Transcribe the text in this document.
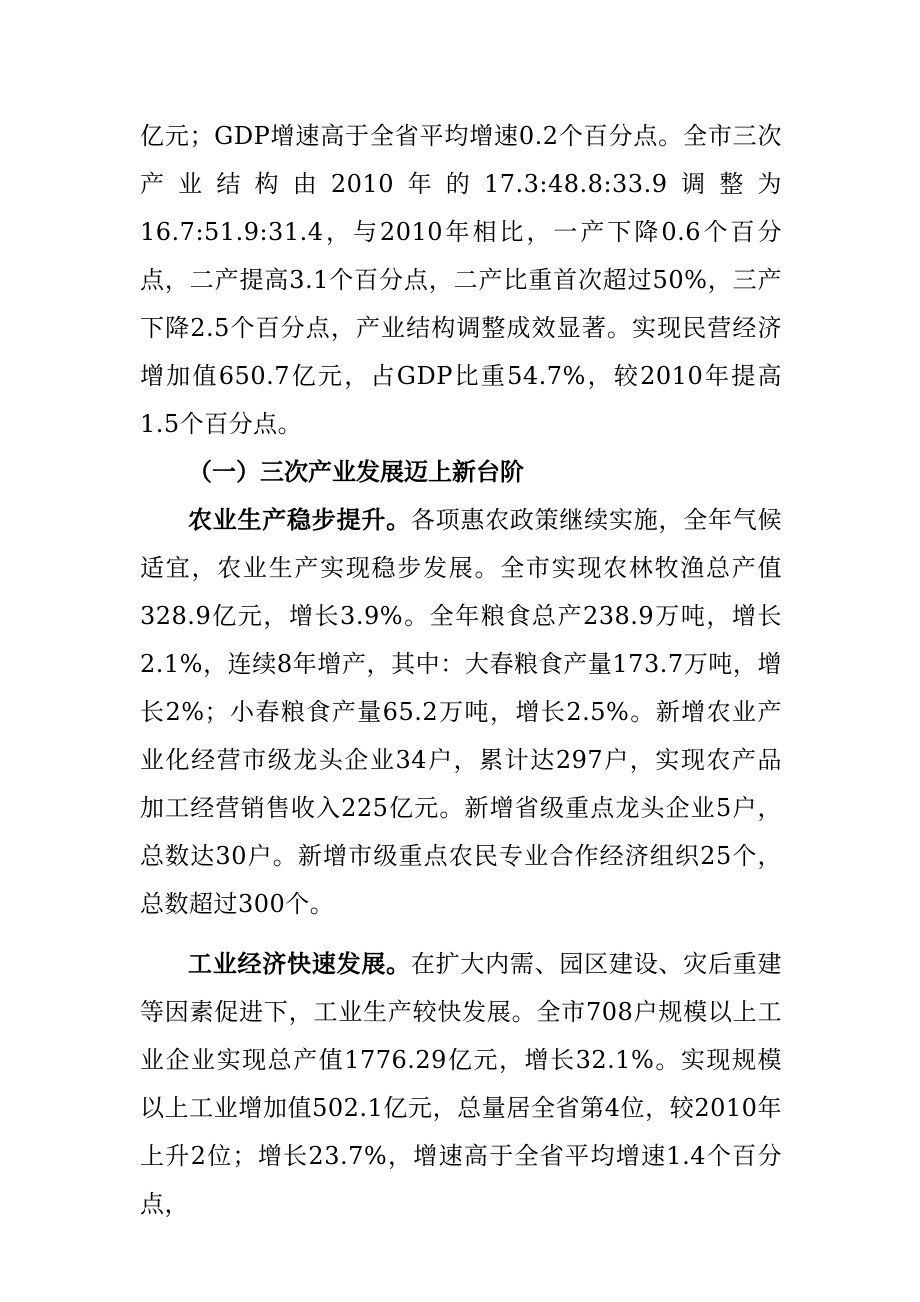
亿元；GDP增速高于全省平均增速0.2个百分点。全市三次产业结构由2010年的17.3:48.8:33.9调整为16.7:51.9:31.4，与2010年相比，一产下降0.6个百分点，二产提高3.1个百分点，二产比重首次超过50%，三产下降2.5个百分点，产业结构调整成效显著。实现民营经济增加值650.7亿元，占GDP比重54.7%，较2010年提高1.5个百分点。

（一）三次产业发展迈上新台阶

农业生产稳步提升。各项惠农政策继续实施，全年气候适宜，农业生产实现稳步发展。全市实现农林牧渔总产值328.9亿元，增长3.9%。全年粮食总产238.9万吨，增长2.1%，连续8年增产，其中：大春粮食产量173.7万吨，增长2%；小春粮食产量65.2万吨，增长2.5%。新增农业产业化经营市级龙头企业34户，累计达297户，实现农产品加工经营销售收入225亿元。新增省级重点龙头企业5户，总数达30户。新增市级重点农民专业合作经济组织25个，总数超过300个。

工业经济快速发展。在扩大内需、园区建设、灾后重建等因素促进下，工业生产较快发展。全市708户规模以上工业企业实现总产值1776.29亿元，增长32.1%。实现规模以上工业增加值502.1亿元，总量居全省第4位，较2010年上升2位；增长23.7%，增速高于全省平均增速1.4个百分点，
